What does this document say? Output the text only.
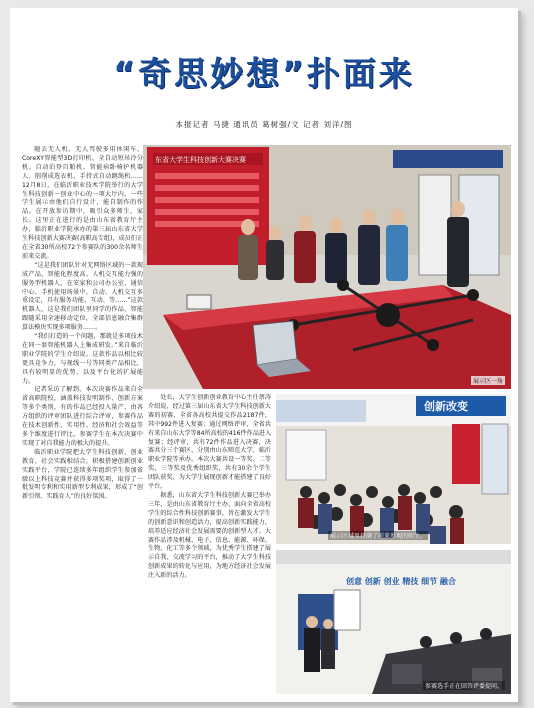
“奇思妙想”扑面来
本报记者 马捷 通讯员 葛树强/文 记者 刘洋/图

随去无人机、无人驾驶多用休闲车、CoreXY智能型3D打印机、全自动短吊冷分机、自动泊登自舶机、智能病卧椅护机器人、削削成选衣机、手持式自动跳绳机……12月8日，在临沂职业技术学院举行的大学生科技创新一创业中心的一项大厅内，一些学生展示由他们自行设计、能自制作的作品。在开放参访期中，吸引众多师生、家长。这里正在进行的是由山东省教育厅主办，临沂职业学院承办的第三届山东省大学生科技创新大赛决赛(高职高专组)，成员们正在全省30所高校72个参赛队的300余名师生前来交流。

“这是我们团队针对无网络区域的一款现成产品，智能化程度高、人机交互能力强的服务型机器人，在安家和公司办公室、通信中心、手机使用场景中，自动、人机交互多重设定，具有服务功能、互动、等……”这款机器人，这是我们团队里同学的作品，智能跟随采用全速移动定位，全部信息融合集群算法模块实现多项服务……。

“我们打造的一个问题，那就是多项技术在同一套智能机器人上集成研发。”来自临沂职业学院的学生介绍说。这款作品以相比较更具竞争力，与视线一号等同类产品相比，具有较明显的优势，以及平台化的扩展能力。

记者采访了解到，本次决赛作品来自全省高职院校，涵盖科技发明制作、创新方案等多个类别，有的作品已经投入量产、由各方组织的评审团队进行综合评审，参赛作品在技术创新性、实用性、经济和社会效益等多个维度进行评比，参赛学生在本次决赛中实现了对自我能力的极大的提升。

临沂职业学院把大学生科技创新、创业教育、社会实践相结合，积极搭建创新创业实践平台，学院已连续多年组织学生参加省级以上科技竞赛并获得多项奖项，取得了一批发明专利和实用新型专利成果，形成了“创新引领、实践育人”的良好氛围。

东省大学生科技创新大赛决赛
展示区一角

处长，大学生创新创业教育中心主任蔡涛介绍说，经过第三届山东省大学生科技创新大赛的初赛，全省各高校共提交作品2187件，其中992件进入复赛；通过网络评审，全省共有来自山东大学等84所高校的416件作品进入复赛；经评审，共有72件作品进入决赛，决赛共分三个赛区，分别由山东师范大学、临沂职业学院等承办。本次大赛共设一等奖、二等奖、三等奖及优秀组织奖，共有30余个学生团队获奖，为大学生展现创新才能搭建了良好平台。

据悉，山东省大学生科技创新大赛已举办三年，是由山东省教育厅主办、面向全省高校学生的综合性科技创新赛事，旨在激发大学生的创新意识和创造活力，提高创新实践能力，培养适应经济社会发展需要的创新型人才。大赛作品涉及机械、电子、信息、能源、环保、生物、化工等多个领域，为优秀学生搭建了展示自我、交流学习的平台，推动了大学生科技创新成果的转化与应用，为地方经济社会发展注入新的活力。

创新改变
展示区域里挤满了前来参观的师生。
创意 创新 创业 精技 细节 融合
参赛选手正在回答评委提问。
